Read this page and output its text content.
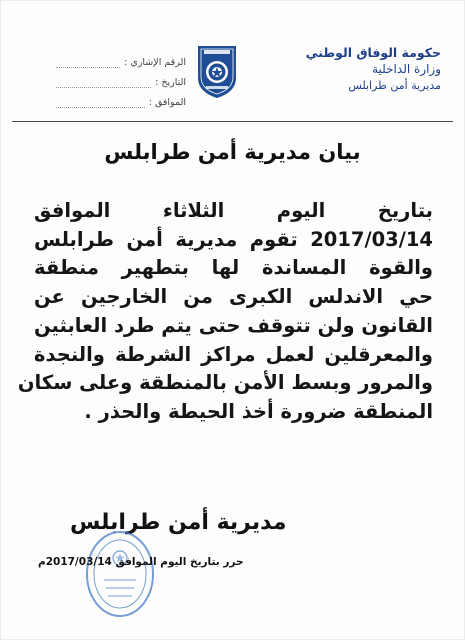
حكومة الوفاق الوطني
وزارة الداخلية
مديرية أمن طرابلس
الرقم الإشاري :
التاريخ :
الموافق :
بيان مديرية أمن طرابلس
بتاريخ اليوم الثلاثاء الموافق
2017/03/14 تقوم مديرية أمن طرابلس
والقوة المساندة لها بتطهير منطقة
حي الاندلس الكبرى من الخارجين عن
القانون ولن تتوقف حتى يتم طرد العابثين
والمعرقلين لعمل مراكز الشرطة والنجدة
والمرور وبسط الأمن بالمنطقة وعلى سكان
المنطقة ضرورة أخذ الحيطة والحذر .
مديرية أمن طرابلس
حرر بتاريخ اليوم الموافق 2017/03/14م
